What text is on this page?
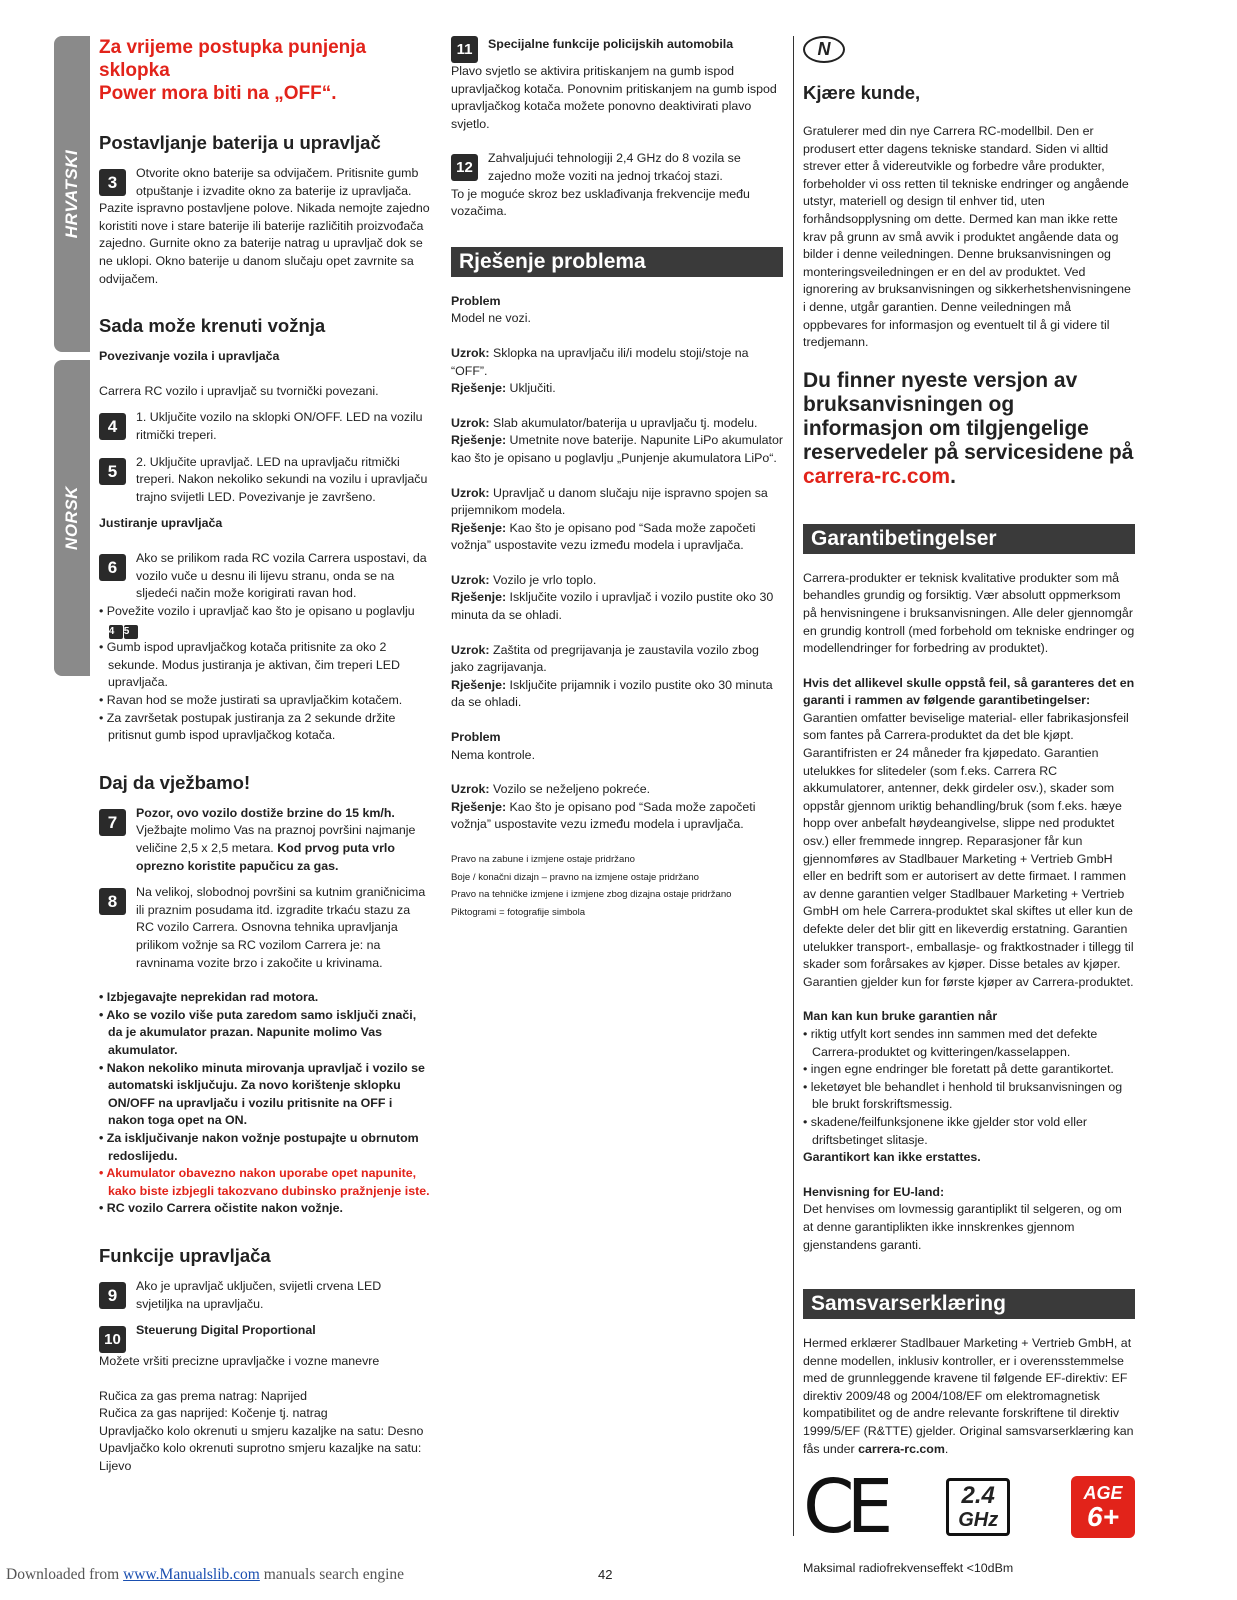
HRVATSKI
NORSK
Za vrijeme postupka punjenja sklopka
Power mora biti na „OFF“.
Postavljanje baterija u upravljač
3	Otvorite okno baterije sa odvijačem. Pritisnite gumb otpuštanje i izvadite okno za baterije iz upravljača.

Pazite ispravno postavljene polove. Nikada nemojte zajedno koristiti nove i stare baterije ili baterije različitih proizvođača zajedno. Gurnite okno za baterije natrag u upravljač dok se ne uklopi. Okno baterije u danom slučaju opet zavrnite sa odvijačem.

Sada može krenuti vožnja

Povezivanje vozila i upravljača

Carrera RC vozilo i upravljač su tvornički povezani.

4	1. Uključite vozilo na sklopki ON/OFF. LED na vozilu ritmički treperi.

5	2. Uključite upravljač. LED na upravljaču ritmički treperi. Nakon nekoliko sekundi na vozilu i upravljaču trajno svijetli LED. Povezivanje je završeno.

Justiranje upravljača

6	Ako se prilikom rada RC vozila Carrera uspostavi, da vozilo vuče u desnu ili lijevu stranu, onda se na sljedeći način može korigirati ravan hod.

• Povežite vozilo i upravljač kao što je opisano u poglavlju 4 5
• Gumb ispod upravljačkog kotača pritisnite za oko 2 sekunde. Modus justiranja je aktivan, čim treperi LED upravljača.
• Ravan hod se može justirati sa upravljačkim kotačem.
• Za završetak postupak justiranja za 2 sekunde držite pritisnut gumb ispod upravljačkog kotača.
Daj da vježbamo!
7	Pozor, ovo vozilo dostiže brzine do 15 km/h. Vježbajte molimo Vas na praznoj površini najmanje veličine 2,5 x 2,5 metara. Kod prvog puta vrlo oprezno koristite papučicu za gas.

8	Na velikoj, slobodnoj površini sa kutnim graničnicima ili praznim posudama itd. izgradite trkaću stazu za RC vozilo Carrera. Osnovna tehnika upravljanja prilikom vožnje sa RC vozilom Carrera je: na ravninama vozite brzo i zakočite u krivinama.

• Izbjegavajte neprekidan rad motora.
• Ako se vozilo više puta zaredom samo isključi znači, da je akumulator prazan. Napunite molimo Vas akumulator.
• Nakon nekoliko minuta mirovanja upravljač i vozilo se automatski isključuju. Za novo korištenje sklopku ON/OFF na upravljaču i vozilu pritisnite na OFF i nakon toga opet na ON.
• Za isključivanje nakon vožnje postupajte u obrnutom redoslijedu.
• Akumulator obavezno nakon uporabe opet napunite, kako biste izbjegli takozvano dubinsko pražnjenje iste.
• RC vozilo Carrera očistite nakon vožnje.
Funkcije upravljača
9	Ako je upravljač uključen, svijetli crvena LED svjetiljka na upravljaču.

10

Steuerung Digital Proportional

Možete vršiti precizne upravljačke i vozne manevre

Ručica za gas prema natrag: Naprijed

Ručica za gas naprijed: Kočenje tj. natrag

Upravljačko kolo okrenuti u smjeru kazaljke na satu: Desno

Upavljačko kolo okrenuti suprotno smjeru kazaljke na satu: Lijevo

11	Specijalne funkcije policijskih automobila

Plavo svjetlo se aktivira pritiskanjem na gumb ispod upravljačkog kotača. Ponovnim pritiskanjem na gumb ispod upravljačkog kotača možete ponovno deaktivirati plavo svjetlo.

12

Zahvaljujući tehnologiji 2,4 GHz do 8 vozila se zajedno može voziti na jednoj trkaćoj stazi.

To je moguće skroz bez usklađivanja frekvencije među vozačima.

Rješenje problema

Problem

Model ne vozi.

Uzrok: Sklopka na upravljaču ili/i modelu stoji/stoje na “OFF”.

Rješenje: Uključiti.

Uzrok: Slab akumulator/baterija u upravljaču tj. modelu.

Rješenje: Umetnite nove baterije. Napunite LiPo akumulator kao što je opisano u poglavlju „Punjenje akumulatora LiPo“.

Uzrok: Upravljač u danom slučaju nije ispravno spojen sa prijemnikom modela.

Rješenje: Kao što je opisano pod “Sada može započeti vožnja” uspostavite vezu između modela i upravljača.

Uzrok: Vozilo je vrlo toplo.

Rješenje: Isključite vozilo i upravljač i vozilo pustite oko 30 minuta da se ohladi.

Uzrok: Zaštita od pregrijavanja je zaustavila vozilo zbog jako zagrijavanja.

Rješenje: Isključite prijamnik i vozilo pustite oko 30 minuta da se ohladi.

Problem

Nema kontrole.

Uzrok: Vozilo se neželjeno pokreće.

Rješenje: Kao što je opisano pod “Sada može započeti vožnja” uspostavite vezu između modela i upravljača.

Pravo na zabune i izmjene ostaje pridržano

Boje / konačni dizajn – pravno na izmjene ostaje pridržano

Pravo na tehničke izmjene i izmjene zbog dizajna ostaje pridržano

Piktogrami = fotografije simbola

N
Kjære kunde,

Gratulerer med din nye Carrera RC-modellbil. Den er produsert etter dagens tekniske standard. Siden vi alltid strever etter å videreutvikle og forbedre våre produkter, forbeholder vi oss retten til tekniske endringer og angående utstyr, materiell og design til enhver tid, uten forhåndsopplysning om dette. Dermed kan man ikke rette krav på grunn av små avvik i produktet angående data og bilder i denne veiledningen. Denne bruksanvisningen og monteringsveiledningen er en del av produktet. Ved ignorering av bruksanvisningen og sikkerhetshenvisningene i denne, utgår garantien. Denne veiledningen må oppbevares for informasjon og eventuelt til å gi videre til tredjemann.

Du finner nyeste versjon av bruksanvisningen og informasjon om tilgjengelige reservedeler på servicesidene på carrera-rc.com.

Garantibetingelser

Carrera-produkter er teknisk kvalitative produkter som må behandles grundig og forsiktig. Vær absolutt oppmerksom på henvisningene i bruksanvisningen. Alle deler gjennomgår en grundig kontroll (med forbehold om tekniske endringer og modellendringer for forbedring av produktet).

Hvis det allikevel skulle oppstå feil, så garanteres det en garanti i rammen av følgende garantibetingelser:

Garantien omfatter beviselige material- eller fabrikasjonsfeil som fantes på Carrera-produktet da det ble kjøpt. Garantifristen er 24 måneder fra kjøpedato. Garantien utelukkes for slitedeler (som f.eks. Carrera RC akkumulatorer, antenner, dekk girdeler osv.), skader som oppstår gjennom uriktig behandling/bruk (som f.eks. hæye hopp over anbefalt høydeangivelse, slippe ned produktet osv.) eller fremmede inngrep. Reparasjoner får kun gjennomføres av Stadlbauer Marketing + Vertrieb GmbH eller en bedrift som er autorisert av dette firmaet. I rammen av denne garantien velger Stadlbauer Marketing + Vertrieb GmbH om hele Carrera-produktet skal skiftes ut eller kun de defekte deler det blir gitt en likeverdig erstatning. Garantien utelukker transport-, emballasje- og fraktkostnader i tillegg til skader som forårsakes av kjøper. Disse betales av kjøper. Garantien gjelder kun for første kjøper av Carrera-produktet.

Man kan kun bruke garantien når

• riktig utfylt kort sendes inn sammen med det defekte Carrera-produktet og kvitteringen/kasselappen.
• ingen egne endringer ble foretatt på dette garantikortet.
• leketøyet ble behandlet i henhold til bruksanvisningen og ble brukt forskriftsmessig.
• skadene/feilfunksjonene ikke gjelder stor vold eller driftsbetinget slitasje.

Garantikort kan ikke erstattes.

Henvisning for EU-land:

Det henvises om lovmessig garantiplikt til selgeren, og om at denne garantiplikten ikke innskrenkes gjennom gjenstandens garanti.

Samsvarserklæring

Hermed erklærer Stadlbauer Marketing + Vertrieb GmbH, at denne modellen, inklusiv kontroller, er i overensstemmelse med de grunnleggende kravene til følgende EF-direktiv: EF direktiv 2009/48 og 2004/108/EF om elektromagnetisk kompatibilitet og de andre relevante forskriftene til direktiv 1999/5/EF (R&TTE) gjelder. Original samsvarserklæring kan fås under carrera-rc.com.

CE	2.4
GHz
AGE
6+

Maksimal radiofrekvenseffekt <10dBm

Downloaded from www.Manualslib.com manuals search engine	42
